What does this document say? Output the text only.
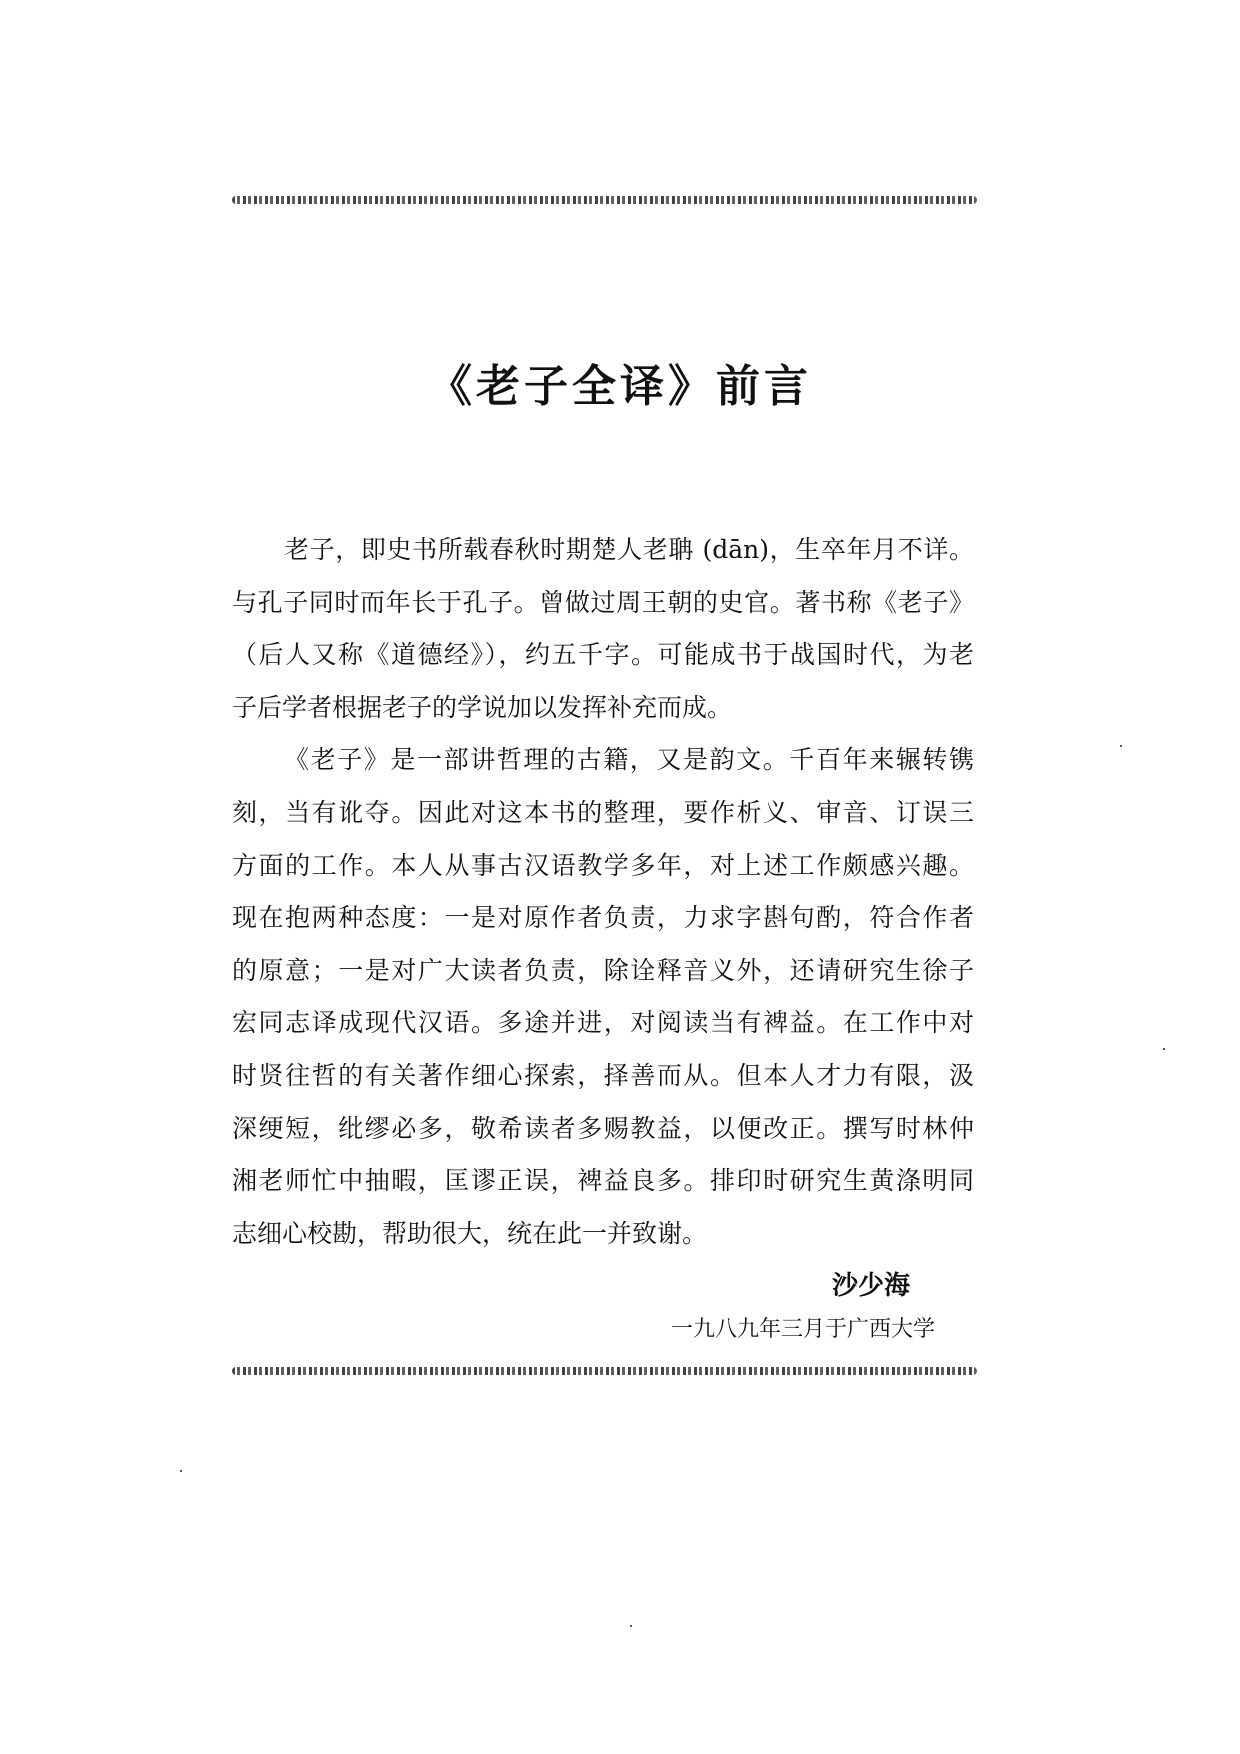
《老子全译》前言
老子，即史书所载春秋时期楚人老聃 (dān)，生卒年月不详。
与孔子同时而年长于孔子。曾做过周王朝的史官。著书称《老子》
（后人又称《道德经》），约五千字。可能成书于战国时代，为老
子后学者根据老子的学说加以发挥补充而成。
《老子》是一部讲哲理的古籍，又是韵文。千百年来辗转镌
刻，当有讹夺。因此对这本书的整理，要作析义、审音、订误三
方面的工作。本人从事古汉语教学多年，对上述工作颇感兴趣。
现在抱两种态度：一是对原作者负责，力求字斟句酌，符合作者
的原意；一是对广大读者负责，除诠释音义外，还请研究生徐子
宏同志译成现代汉语。多途并进，对阅读当有裨益。在工作中对
时贤往哲的有关著作细心探索，择善而从。但本人才力有限，汲
深绠短，纰缪必多，敬希读者多赐教益，以便改正。撰写时林仲
湘老师忙中抽暇，匡谬正误，裨益良多。排印时研究生黄涤明同
志细心校勘，帮助很大，统在此一并致谢。
沙少海
一九八九年三月于广西大学
